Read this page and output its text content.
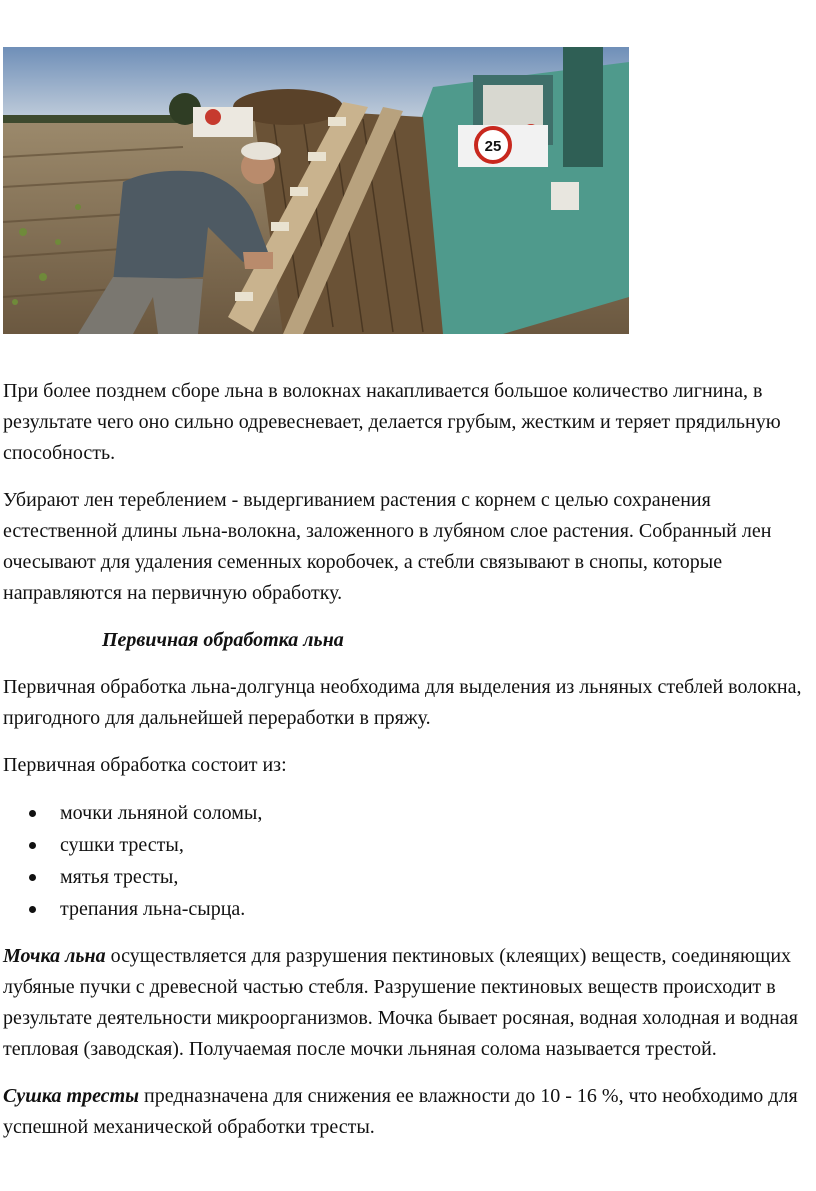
25

При более позднем сборе льна в волокнах накапливается большое количество лигнина, в результате чего оно сильно одревесневает, делается грубым, жестким и теряет прядильную способность.

Убирают лен тереблением - выдергиванием растения с корнем с целью сохранения естественной длины льна-волокна, заложенного в лубяном слое растения. Собранный лен очесывают для удаления семенных коробочек, а стебли связывают в снопы, которые направляются на первичную обработку.

Первичная обработка льна

Первичная обработка льна-долгунца необходима для выделения из льняных стеблей волокна, пригодного для дальнейшей переработки в пряжу.

Первичная обработка состоит из:

мочки льняной соломы,
сушки тресты,
мятья тресты,
трепания льна-сырца.

Мочка льна осуществляется для разрушения пектиновых (клеящих) веществ, соединяющих лубяные пучки с древесной частью стебля. Разрушение пектиновых веществ происходит в результате деятельности микроорганизмов. Мочка бывает росяная, водная холодная и водная тепловая (заводская). Получаемая после мочки льняная солома называется трестой.

Сушка тресты предназначена для снижения ее влажности до 10 - 16 %, что необходимо для успешной механической обработки тресты.
